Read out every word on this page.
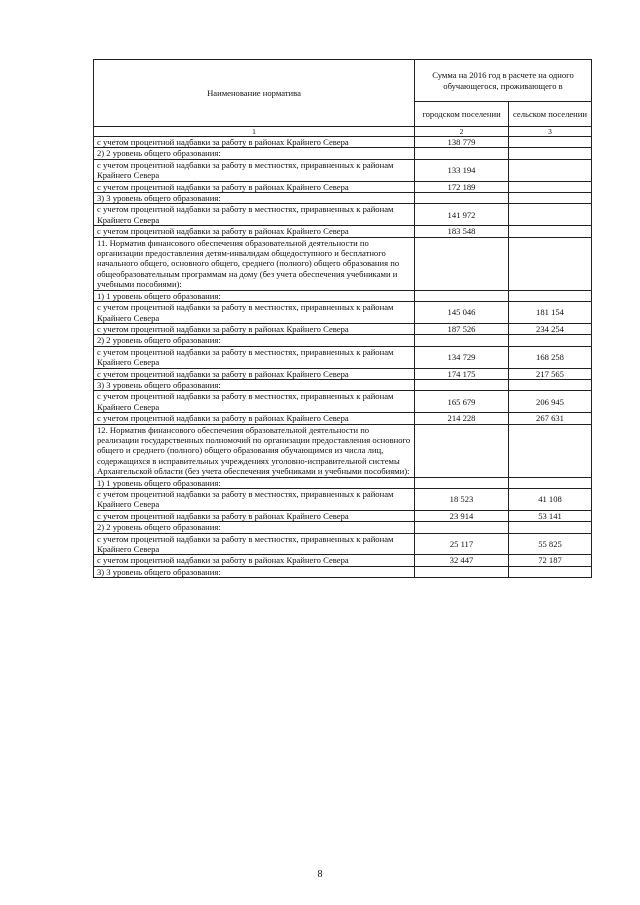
Наименование норматива	Сумма на 2016 год в расчете на одного обучающегося, проживающего в	
	городском поселении	сельском поселении
1	2	3
с учетом процентной надбавки за работу в районах Крайнего Севера	138 779	
2) 2 уровень общего образования:		
с учетом процентной надбавки за работу в местностях, приравненных к районам Крайнего Севера	133 194	
с учетом процентной надбавки за работу в районах Крайнего Севера	172 189	
3) 3 уровень общего образования:		
с учетом процентной надбавки за работу в местностях, приравненных к районам Крайнего Севера	141 972	
с учетом процентной надбавки за работу в районах Крайнего Севера	183 548	
11. Норматив финансового обеспечения образовательной деятельности по организации предоставления детям-инвалидам общедоступного и бесплатного начального общего, основного общего, среднего (полного) общего образования по общеобразовательным программам на дому (без учета обеспечения учебниками и учебными пособиями):		
1) 1 уровень общего образования:		
с учетом процентной надбавки за работу в местностях, приравненных к районам Крайнего Севера	145 046	181 154
с учетом процентной надбавки за работу в районах Крайнего Севера	187 526	234 254
2) 2 уровень общего образования:		
с учетом процентной надбавки за работу в местностях, приравненных к районам Крайнего Севера	134 729	168 258
с учетом процентной надбавки за работу в районах Крайнего Севера	174 175	217 565
3) 3 уровень общего образования:		
с учетом процентной надбавки за работу в местностях, приравненных к районам Крайнего Севера	165 679	206 945
с учетом процентной надбавки за работу в районах Крайнего Севера	214 228	267 631
12. Норматив финансового обеспечения образовательной деятельности по реализации государственных полномочий по организации предоставления основного общего и среднего (полного) общего образования обучающимся из числа лиц, содержащихся в исправительных учреждениях уголовно-исправительной системы Архангельской области (без учета обеспечения учебниками и учебными пособиями):		
1) 1 уровень общего образования:		
с учетом процентной надбавки за работу в местностях, приравненных к районам Крайнего Севера	18 523	41 108
с учетом процентной надбавки за работу в районах Крайнего Севера	23 914	53 141
2) 2 уровень общего образования:		
с учетом процентной надбавки за работу в местностях, приравненных к районам Крайнего Севера	25 117	55 825
с учетом процентной надбавки за работу в районах Крайнего Севера	32 447	72 187
3) 3 уровень общего образования:		
8
